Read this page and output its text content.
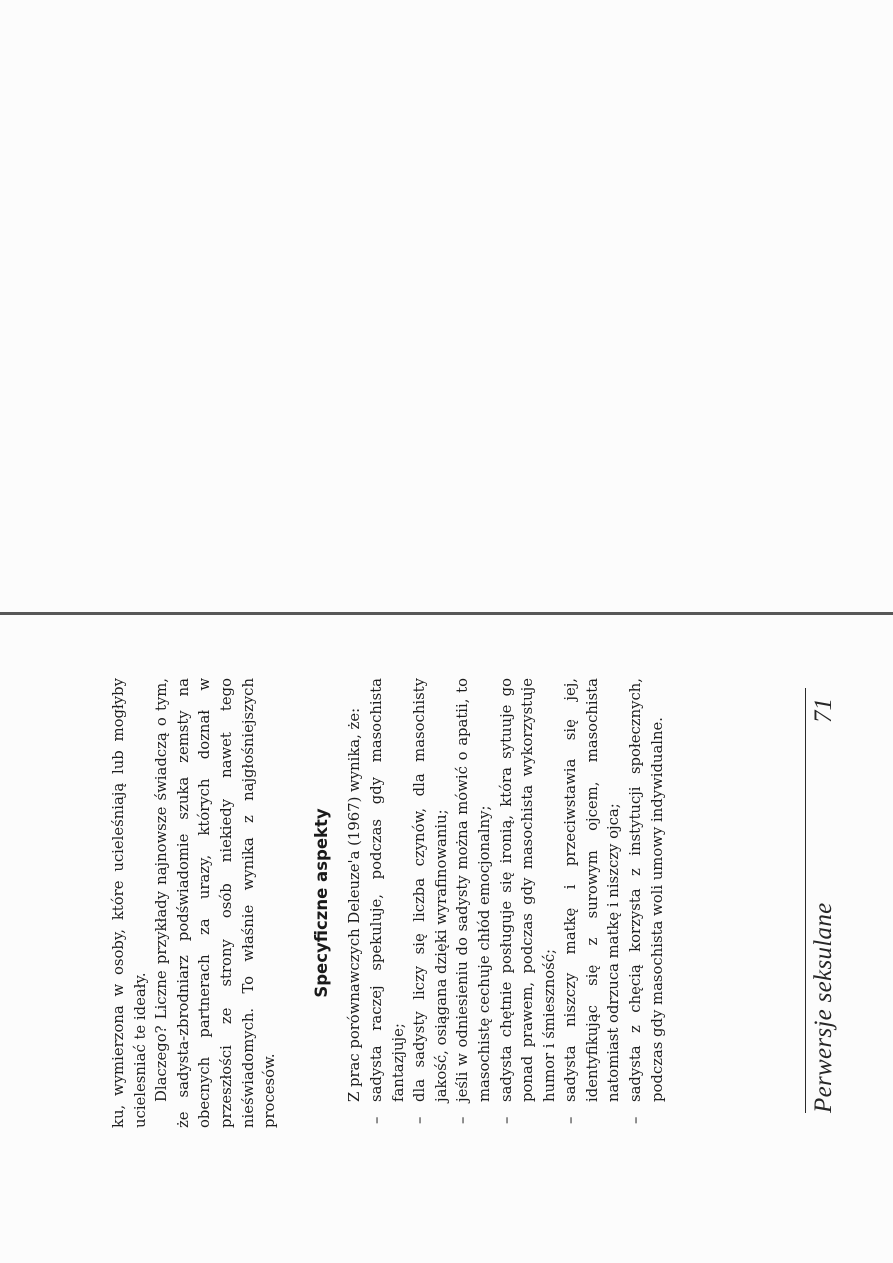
Perwersje seksulane
71

ku, wymierzona w osoby, które ucieleśniają lub mogłyby ucielesniać te ideały. Dlaczego? Liczne przykłady najnowsze świadczą o tym, że sadysta-zbrodniarz podświadomie szuka zemsty na obecnych partnerach za urazy, których doznał w przeszłości ze strony osób niekiedy nawet tego nieświadomych. To właśnie wynika z najgłośniejszych procesów.

Specyficzne aspekty Z prac porównawczych Deleuze'a (1967) wynika, że: – sadysta raczej spekuluje, podczas gdy masochista fantazjuje; – dla sadysty liczy się liczba czynów, dla masochisty jakość, osiągana dzięki wyrafinowaniu; – jeśli w odniesieniu do sadysty można mówić o apatii, to masochistę cechuje chłód emocjonalny; – sadysta chętnie posługuje się ironią, która sytuuje go ponad prawem, podczas gdy masochista wykorzystuje humor i śmieszność; – sadysta niszczy matkę i przeciwstawia się jej, identyfikując się z surowym ojcem, masochista natomiast odrzuca matkę i niszczy ojca; – sadysta z chęcią korzysta z instytucji społecznych, podczas gdy masochista woli umowy indywidualne.
